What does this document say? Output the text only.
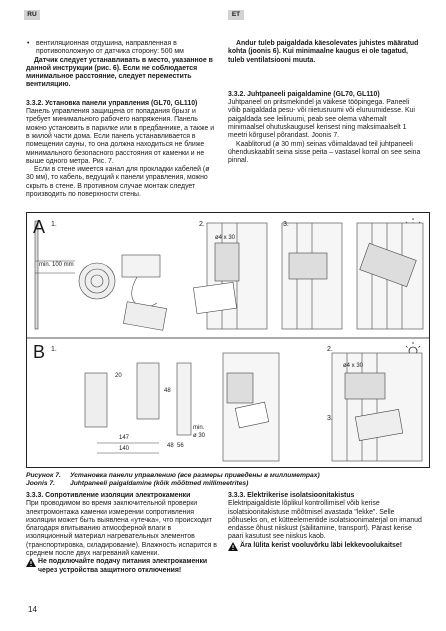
RU	ET

• вентиляционная отдушина, направленная в противоположную от датчика сторону: 500 мм

Датчик следует устанавливать в место, указанное в данной инструкции (рис. 6). Если не соблюдается минимальное расстояние, следует переместить вентиляцию.

3.3.2. Установка панели управления (GL70, GL110)

Панель управления защищена от попадания брызг и требует минимального рабочего напряжения. Панель можно установить в парилке или в предбаннике, а также и в жилой части дома. Если панель устанавливается в помещении сауны, то она должна находиться не ближе минимального безопасного расстояния от каменки и не выше одного метра. Рис. 7.

Если в стене имеется канал для прокладки кабелей (ø 30 мм), то кабель, ведущий к панели управления, можно скрыть в стене. В противном случае монтаж следует производить по поверхности стены.

Andur tuleb paigaldada käesolevates juhistes määratud kohta (joonis 6). Kui minimaalne kaugus ei ole tagatud, tuleb ventilatsiooni muuta.

3.3.2. Juhtpaneeli paigaldamine (GL70, GL110)

Juhtpaneel on pritsmekindel ja väikese tööpingega. Paneeli võib paigaldada pesu- või riietusruumi või eluruumidesse. Kui paigaldada see leiliruumi, peab see olema vähemalt minimaalsel ohutuskaugusel kerisest ning maksimaalselt 1 meetri kõrgusel põrandast. Joonis 7.

Kaablitorud (ø 30 mm) seinas võimaldavad teil juhtpaneeli ühenduskaablit seina sisse peita – vastasel korral on see seina pinnal.

A
B
1.	2.	3.
1.	2.
3.
min. 100 mm
ø4 x 30
ø4 x 30
20
48
147
140	48 56
min.
ø 30
Рисунок 7. Установка панели управлению (все размеры приведены в миллиметрах)
Joonis 7. Juhtpaneeli paigaldamine (kõik mõõtmed millimeetrites)

3.3.3. Сопротивление изоляции электрокаменки

При проводимом во время заключительной проверки электромонтажа каменки измерении сопротивления изоляции может быть выявлена «утечка», что происходит благодаря впитыванию атмосферной влаги в изоляционный материал нагревательных элементов (транспортировка, складирование). Влажность испарится в среднем после двух нагреваний каменки.

Не подключайте подачу питания электрокаменки через устройства защитного отключения!

3.3.3. Elektrikerise isolatsioonitakistus

Elektripaigaldiste lõplikul kontrollimisel võib kerise isolatsioonitakistuse mõõtmisel avastada "lekke". Selle põhuseks on, et kütteelementide isolatsioonimaterjal on imanud endasse õhust niiskust (säilitamine, transport). Pärast kerise paari kasutust see niiskus kaob.

Ära lülita kerist vooluvõrku läbi lekkevoolukaitse!

14
